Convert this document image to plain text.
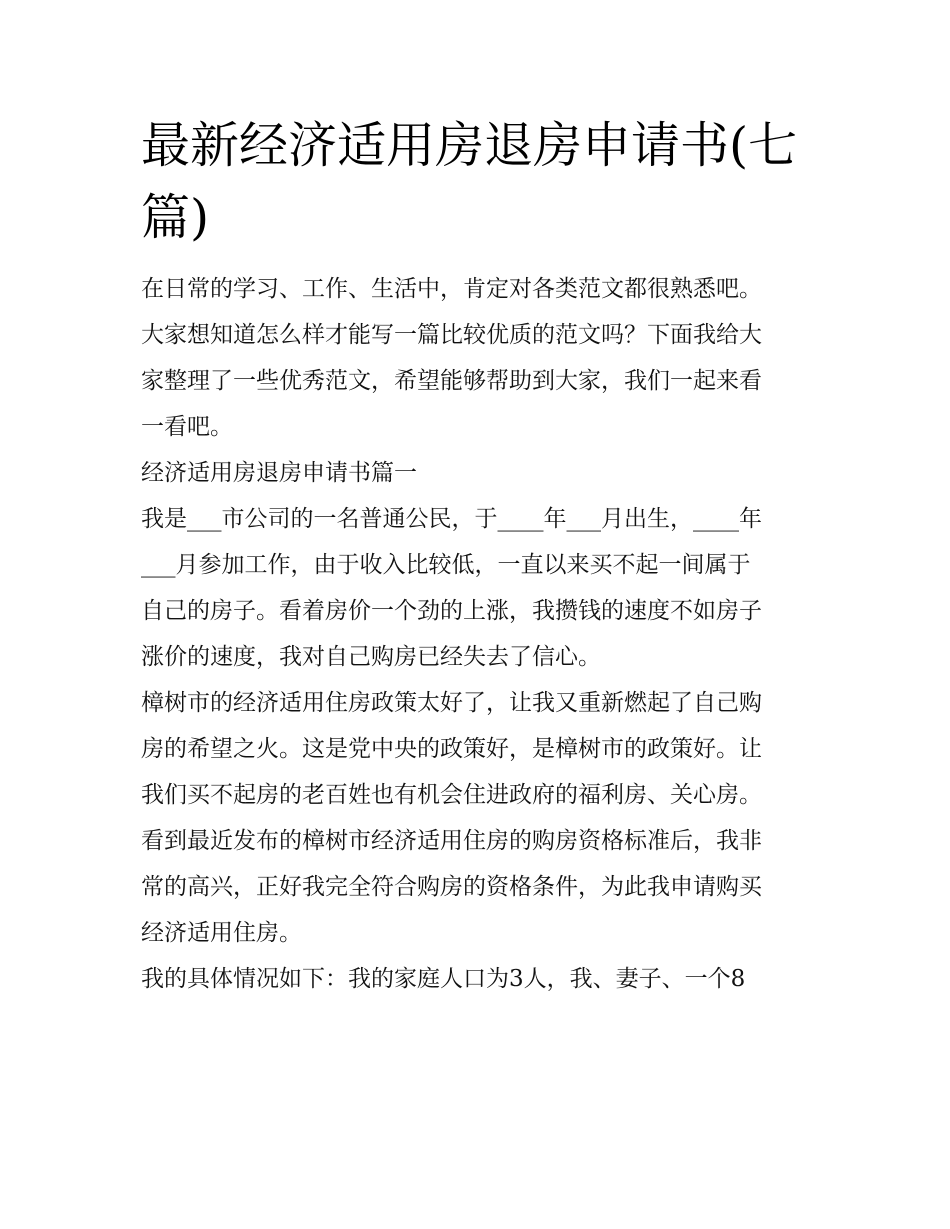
最新经济适用房退房申请书(七
篇)

在日常的学习、工作、生活中，肯定对各类范文都很熟悉吧。
大家想知道怎么样才能写一篇比较优质的范文吗？下面我给大
家整理了一些优秀范文，希望能够帮助到大家，我们一起来看
一看吧。

经济适用房退房申请书篇一

我是___市公司的一名普通公民，于____年___月出生，____年
___月参加工作，由于收入比较低，一直以来买不起一间属于
自己的房子。看着房价一个劲的上涨，我攒钱的速度不如房子
涨价的速度，我对自己购房已经失去了信心。

樟树市的经济适用住房政策太好了，让我又重新燃起了自己购
房的希望之火。这是党中央的政策好，是樟树市的政策好。让
我们买不起房的老百姓也有机会住进政府的福利房、关心房。
看到最近发布的樟树市经济适用住房的购房资格标准后，我非
常的高兴，正好我完全符合购房的资格条件，为此我申请购买
经济适用住房。

我的具体情况如下：我的家庭人口为3人，我、妻子、一个8
